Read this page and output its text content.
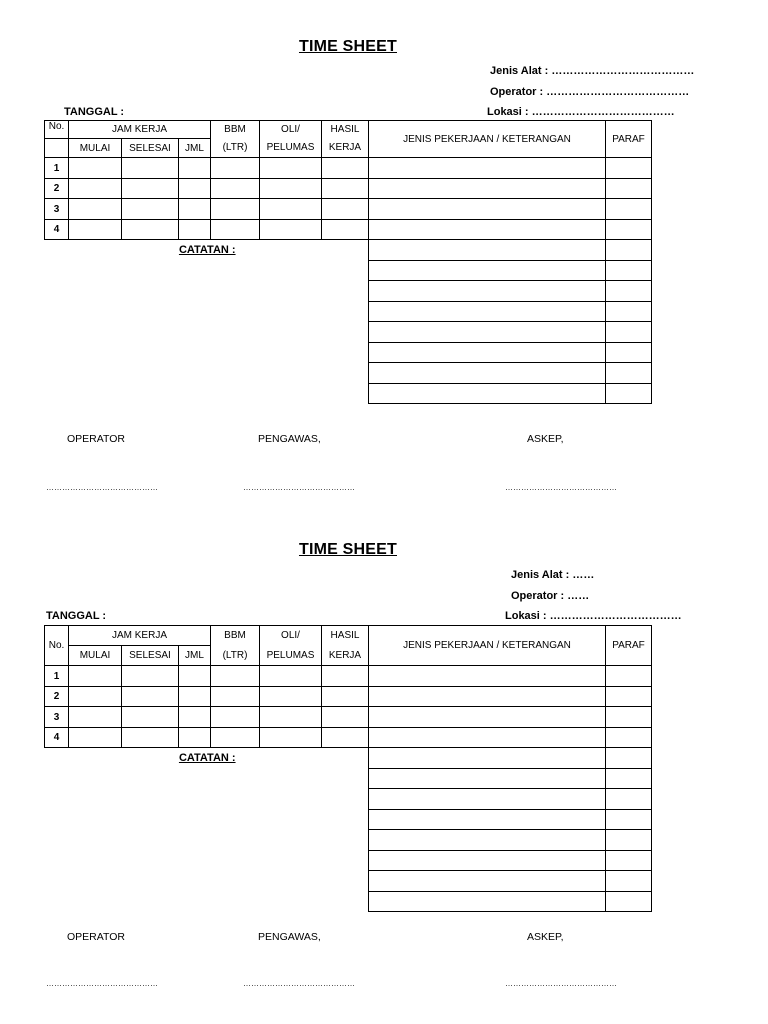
TIME SHEET
Jenis Alat : …………………………………
Operator : …………………………………
TANGGAL :	Lokasi : …………………………………
No.	JAM KERJA			BBM	OLI/	HASIL	JENIS PEKERJAAN / KETERANGAN	PARAF
	MULAI	SELESAI	JML	(LTR)	PELUMAS	KERJA		
1								
2								
3								
4								
CATATAN :								

OPERATOR	PENGAWAS,	ASKEP,
……………………………………	……………………………………	……………………………………
TIME SHEET
Jenis Alat : ……
Operator : ……
TANGGAL :	Lokasi : ………………………………
No.	JAM KERJA			BBM	OLI/	HASIL	JENIS PEKERJAAN / KETERANGAN	PARAF
	MULAI	SELESAI	JML	(LTR)	PELUMAS	KERJA		
1								
2								
3								
4								
CATATAN :								

OPERATOR	PENGAWAS,	ASKEP,
……………………………………	……………………………………	……………………………………
